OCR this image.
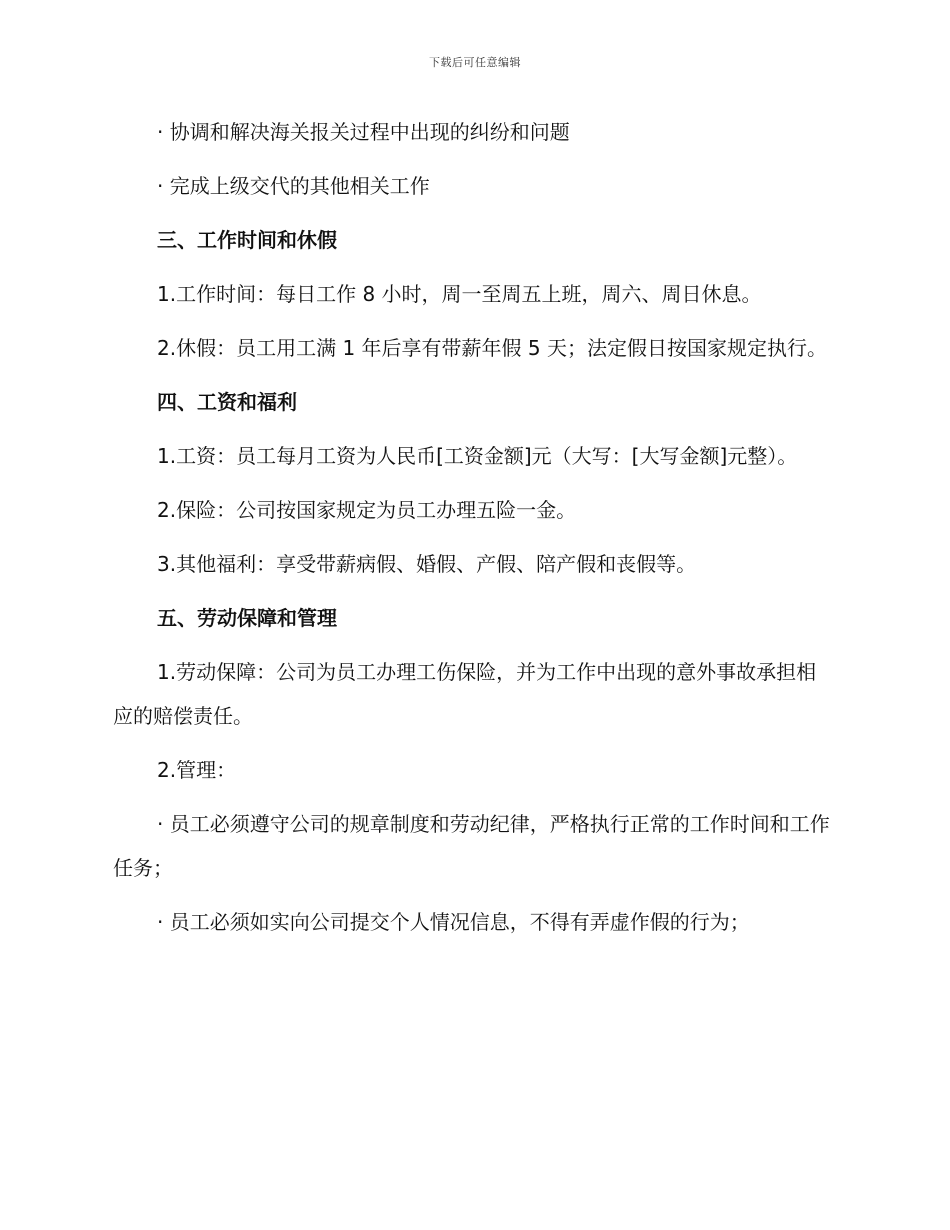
下载后可任意编辑

· 协调和解决海关报关过程中出现的纠纷和问题

· 完成上级交代的其他相关工作

三、工作时间和休假

1.工作时间：每日工作 8 小时，周一至周五上班，周六、周日休息。

2.休假：员工用工满 1 年后享有带薪年假 5 天；法定假日按国家规定执行。

四、工资和福利

1.工资：员工每月工资为人民币[工资金额]元（大写：[大写金额]元整）。

2.保险：公司按国家规定为员工办理五险一金。

3.其他福利：享受带薪病假、婚假、产假、陪产假和丧假等。

五、劳动保障和管理

1.劳动保障：公司为员工办理工伤保险，并为工作中出现的意外事故承担相应的赔偿责任。

2.管理：

· 员工必须遵守公司的规章制度和劳动纪律，严格执行正常的工作时间和工作任务；

· 员工必须如实向公司提交个人情况信息，不得有弄虚作假的行为；
